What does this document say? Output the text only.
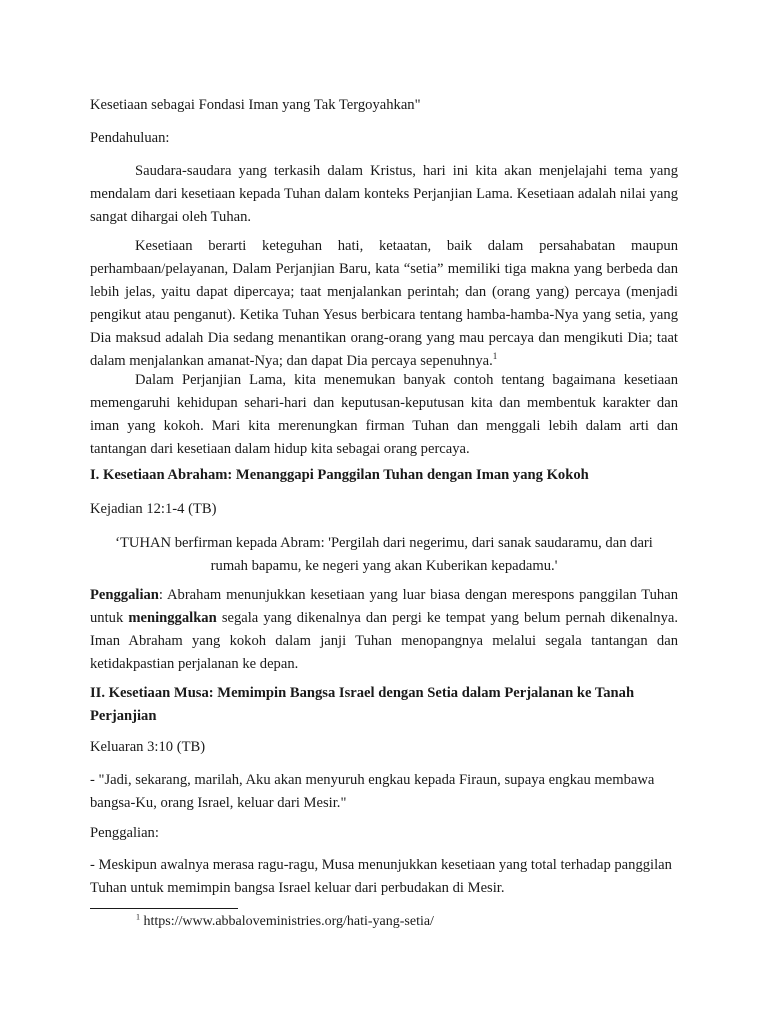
Kesetiaan sebagai Fondasi Iman yang Tak Tergoyahkan"

Pendahuluan:

Saudara-saudara yang terkasih dalam Kristus, hari ini kita akan menjelajahi tema yang mendalam dari kesetiaan kepada Tuhan dalam konteks Perjanjian Lama. Kesetiaan adalah nilai yang sangat dihargai oleh Tuhan.

Kesetiaan berarti keteguhan hati, ketaatan, baik dalam persahabatan maupun perhambaan/pelayanan, Dalam Perjanjian Baru, kata “setia” memiliki tiga makna yang berbeda dan lebih jelas, yaitu dapat dipercaya; taat menjalankan perintah; dan (orang yang) percaya (menjadi pengikut atau penganut). Ketika Tuhan Yesus berbicara tentang hamba-hamba-Nya yang setia, yang Dia maksud adalah Dia sedang menantikan orang-orang yang mau percaya dan mengikuti Dia; taat dalam menjalankan amanat-Nya; dan dapat Dia percaya sepenuhnya.$^1$

Dalam Perjanjian Lama, kita menemukan banyak contoh tentang bagaimana kesetiaan memengaruhi kehidupan sehari-hari dan keputusan-keputusan kita dan membentuk karakter dan iman yang kokoh. Mari kita merenungkan firman Tuhan dan menggali lebih dalam arti dan tantangan dari kesetiaan dalam hidup kita sebagai orang percaya.

I. Kesetiaan Abraham: Menanggapi Panggilan Tuhan dengan Iman yang Kokoh

Kejadian 12:1-4 (TB)

‘TUHAN berfirman kepada Abram: 'Pergilah dari negerimu, dari sanak saudaramu, dan dari rumah bapamu, ke negeri yang akan Kuberikan kepadamu.'

Penggalian: Abraham menunjukkan kesetiaan yang luar biasa dengan merespons panggilan Tuhan untuk meninggalkan segala yang dikenalnya dan pergi ke tempat yang belum pernah dikenalnya. Iman Abraham yang kokoh dalam janji Tuhan menopangnya melalui segala tantangan dan ketidakpastian perjalanan ke depan.

II. Kesetiaan Musa: Memimpin Bangsa Israel dengan Setia dalam Perjalanan ke Tanah Perjanjian

Keluaran 3:10 (TB)

- "Jadi, sekarang, marilah, Aku akan menyuruh engkau kepada Firaun, supaya engkau membawa bangsa-Ku, orang Israel, keluar dari Mesir."

Penggalian:

- Meskipun awalnya merasa ragu-ragu, Musa menunjukkan kesetiaan yang total terhadap panggilan Tuhan untuk memimpin bangsa Israel keluar dari perbudakan di Mesir.

$^1$ https://www.abbaloveministries.org/hati-yang-setia/
